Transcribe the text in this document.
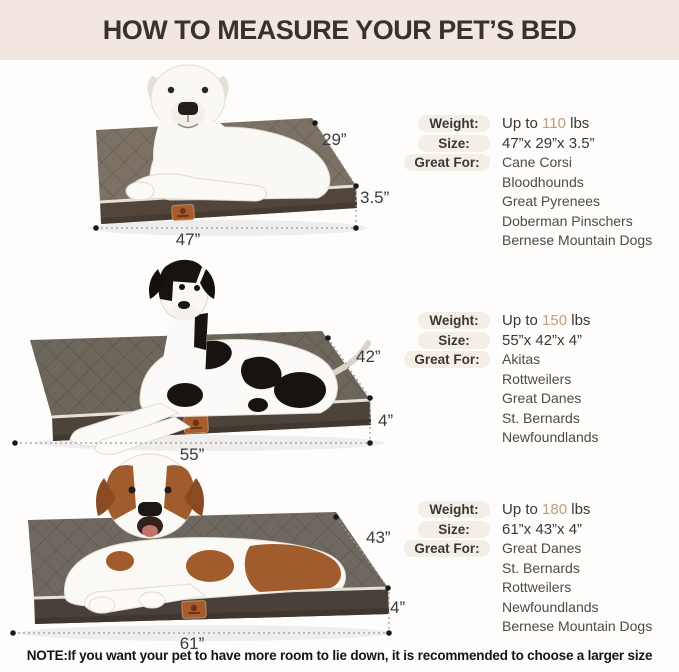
HOW TO MEASURE YOUR PET’S BED
29”
3.5”
47”
Weight:	Up to 110 lbs
Size:	47”x 29”x 3.5”
Great For:	Cane Corsi
Bloodhounds
Great Pyrenees
Doberman Pinschers
Bernese Mountain Dogs
42”
4”
55”
Weight:	Up to 150 lbs
Size:	55”x 42”x 4”
Great For:	Akitas
Rottweilers
Great Danes
St. Bernards
Newfoundlands
43”
4”
61”
Weight:	Up to 180 lbs
Size:	61”x 43”x 4”
Great For:	Great Danes
St. Bernards
Rottweilers
Newfoundlands
Bernese Mountain Dogs
NOTE:If you want your pet to have more room to lie down, it is recommended to choose a larger size
